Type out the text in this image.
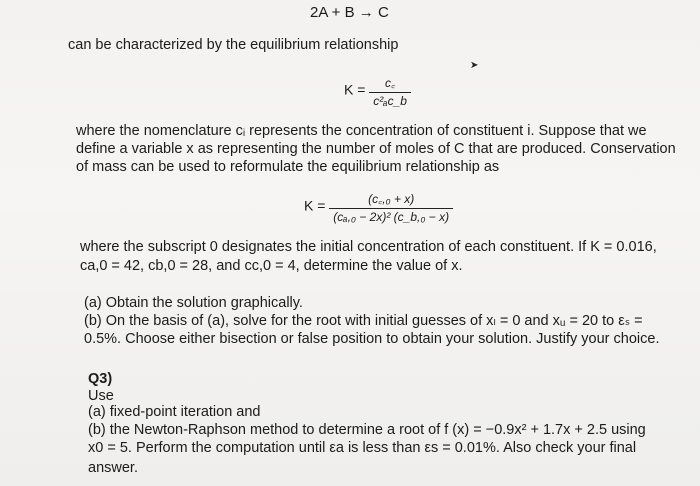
2A + B → C
can be characterized by the equilibrium relationship
$K = \frac{c꜀}{\text{c²ₐc\_b}}$
➤
where the nomenclature cᵢ represents the concentration of constituent i. Suppose that we
define a variable x as representing the number of moles of C that are produced. Conservation
of mass can be used to reformulate the equilibrium relationship as
$K = \frac{\text{(c꜀,₀ + x)}}{\text{(cₐ,₀ − 2x)² (c\_b,₀ − x)}}$
where the subscript 0 designates the initial concentration of each constituent. If K = 0.016,
ca,0 = 42, cb,0 = 28, and cc,0 = 4, determine the value of x.
(a) Obtain the solution graphically.
(b) On the basis of (a), solve for the root with initial guesses of xₗ = 0 and xᵤ = 20 to εₛ =
0.5%. Choose either bisection or false position to obtain your solution. Justify your choice.
Q3)
Use
(a) fixed-point iteration and
(b) the Newton-Raphson method to determine a root of f (x) = −0.9x² + 1.7x + 2.5 using
x0 = 5. Perform the computation until εa is less than εs = 0.01%. Also check your final
answer.
